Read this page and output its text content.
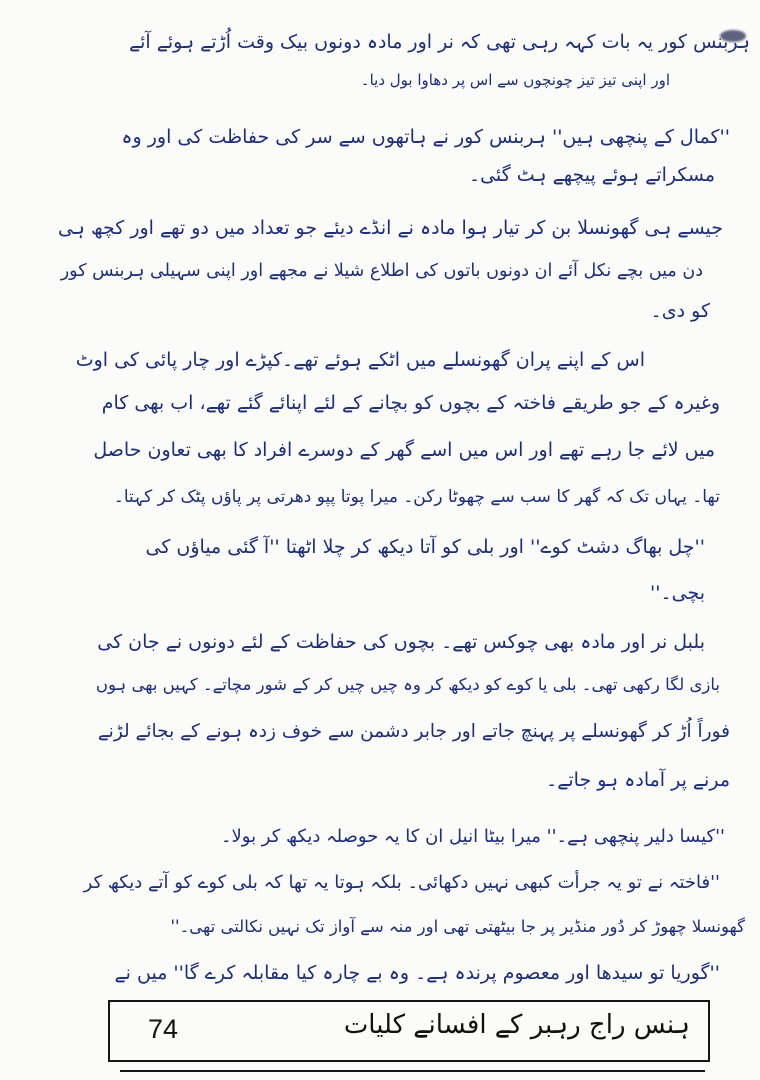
ہربنس کور یہ بات کہہ رہی تھی کہ نر اور مادہ دونوں بیک وقت اُڑتے ہوئے آئے
اور اپنی تیز تیز چونچوں سے اس پر دھاوا بول دیا۔
''کمال کے پنچھی ہیں'' ہربنس کور نے ہاتھوں سے سر کی حفاظت کی اور وہ
مسکراتے ہوئے پیچھے ہٹ گئی۔
جیسے ہی گھونسلا بن کر تیار ہوا مادہ نے انڈے دیئے جو تعداد میں دو تھے اور کچھ ہی
دن میں بچے نکل آئے ان دونوں باتوں کی اطلاع شیلا نے مجھے اور اپنی سہیلی ہربنس کور
کو دی۔
اس کے اپنے پران گھونسلے میں اٹکے ہوئے تھے۔کپڑے اور چار پائی کی اوٹ
وغیرہ کے جو طریقے فاختہ کے بچوں کو بچانے کے لئے اپنائے گئے تھے، اب بھی کام
میں لائے جا رہے تھے اور اس میں اسے گھر کے دوسرے افراد کا بھی تعاون حاصل
تھا۔ یہاں تک کہ گھر کا سب سے چھوٹا رکن۔ میرا پوتا پپو دھرتی پر پاؤں پٹک کر کہتا۔
''چل بھاگ دشٹ کوے'' اور بلی کو آتا دیکھ کر چلا اٹھتا ''آ گئی میاؤں کی
بچی۔''
بلبل نر اور مادہ بھی چوکس تھے۔ بچوں کی حفاظت کے لئے دونوں نے جان کی
بازی لگا رکھی تھی۔ بلی یا کوے کو دیکھ کر وہ چیں چیں کر کے شور مچاتے۔ کہیں بھی ہوں
فوراً اُڑ کر گھونسلے پر پہنچ جاتے اور جابر دشمن سے خوف زدہ ہونے کے بجائے لڑنے
مرنے پر آمادہ ہو جاتے۔
''کیسا دلیر پنچھی ہے۔'' میرا بیٹا انیل ان کا یہ حوصلہ دیکھ کر بولا۔
''فاختہ نے تو یہ جرأت کبھی نہیں دکھائی۔ بلکہ ہوتا یہ تھا کہ بلی کوے کو آتے دیکھ کر
گھونسلا چھوڑ کر دُور منڈیر پر جا بیٹھتی تھی اور منہ سے آواز تک نہیں نکالتی تھی۔''
''گوریا تو سیدھا اور معصوم پرندہ ہے۔ وہ بے چارہ کیا مقابلہ کرے گا'' میں نے
74	ہنس راج رہبر کے افسانے کلیات
